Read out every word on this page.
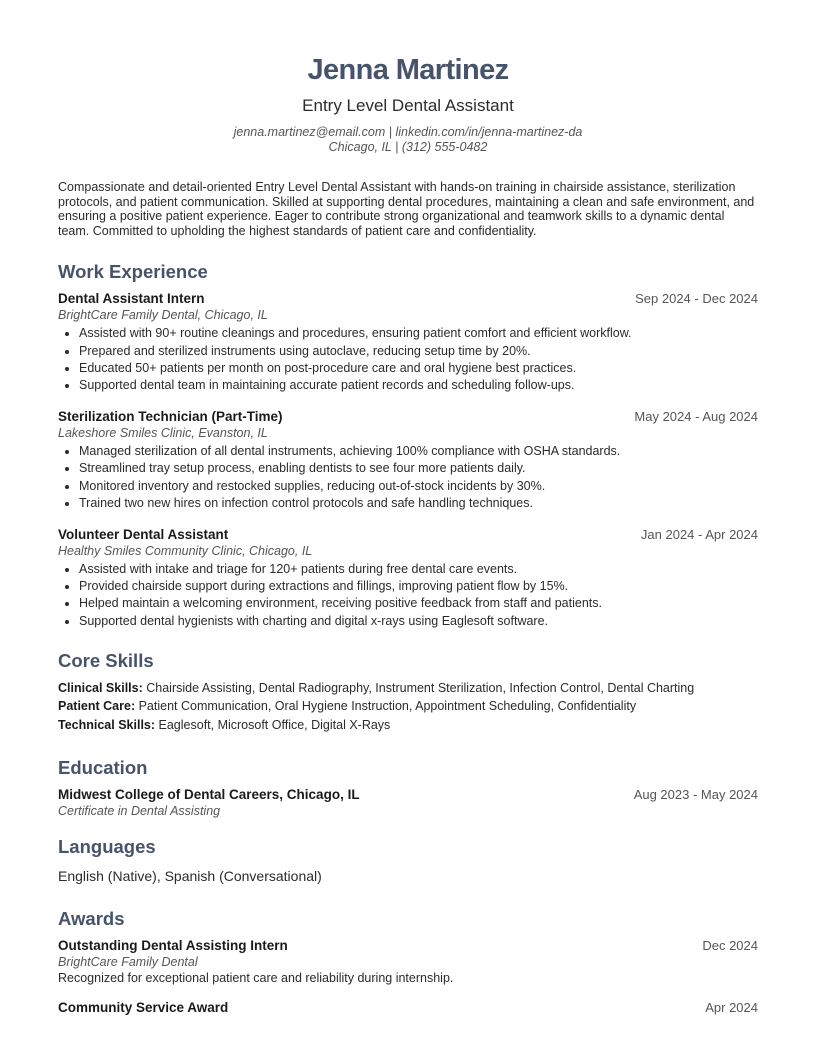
Jenna Martinez
Entry Level Dental Assistant
jenna.martinez@email.com | linkedin.com/in/jenna-martinez-da
Chicago, IL | (312) 555-0482
Compassionate and detail-oriented Entry Level Dental Assistant with hands-on training in chairside assistance, sterilization protocols, and patient communication. Skilled at supporting dental procedures, maintaining a clean and safe environment, and ensuring a positive patient experience. Eager to contribute strong organizational and teamwork skills to a dynamic dental team. Committed to upholding the highest standards of patient care and confidentiality.
Work Experience
Dental Assistant Intern	Sep 2024 - Dec 2024
BrightCare Family Dental, Chicago, IL
• Assisted with 90+ routine cleanings and procedures, ensuring patient comfort and efficient workflow.
• Prepared and sterilized instruments using autoclave, reducing setup time by 20%.
• Educated 50+ patients per month on post-procedure care and oral hygiene best practices.
• Supported dental team in maintaining accurate patient records and scheduling follow-ups.
Sterilization Technician (Part-Time)	May 2024 - Aug 2024
Lakeshore Smiles Clinic, Evanston, IL
• Managed sterilization of all dental instruments, achieving 100% compliance with OSHA standards.
• Streamlined tray setup process, enabling dentists to see four more patients daily.
• Monitored inventory and restocked supplies, reducing out-of-stock incidents by 30%.
• Trained two new hires on infection control protocols and safe handling techniques.
Volunteer Dental Assistant	Jan 2024 - Apr 2024
Healthy Smiles Community Clinic, Chicago, IL
• Assisted with intake and triage for 120+ patients during free dental care events.
• Provided chairside support during extractions and fillings, improving patient flow by 15%.
• Helped maintain a welcoming environment, receiving positive feedback from staff and patients.
• Supported dental hygienists with charting and digital x-rays using Eaglesoft software.
Core Skills
Clinical Skills: Chairside Assisting, Dental Radiography, Instrument Sterilization, Infection Control, Dental Charting
Patient Care: Patient Communication, Oral Hygiene Instruction, Appointment Scheduling, Confidentiality
Technical Skills: Eaglesoft, Microsoft Office, Digital X-Rays
Education
Midwest College of Dental Careers, Chicago, IL	Aug 2023 - May 2024
Certificate in Dental Assisting
Languages
English (Native), Spanish (Conversational)
Awards
Outstanding Dental Assisting Intern	Dec 2024
BrightCare Family Dental
Recognized for exceptional patient care and reliability during internship.
Community Service Award	Apr 2024
